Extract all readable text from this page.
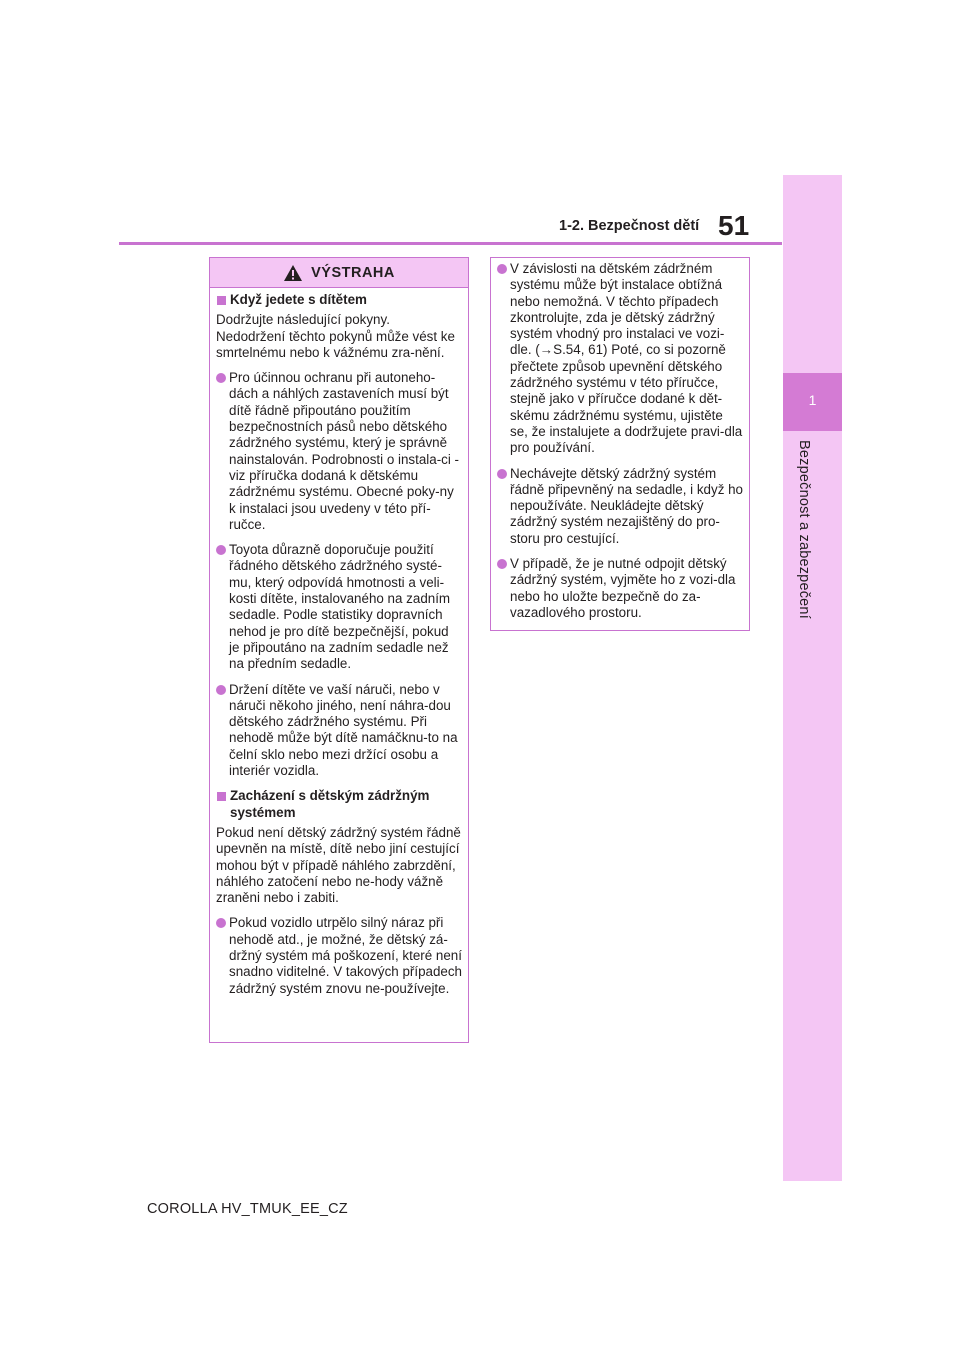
1
Bezpečnost a zabezpečení
1-2. Bezpečnost dětí 51
VÝSTRAHA
Když jedete s dítětem
Dodržujte následující pokyny. Nedodržení těchto pokynů může vést ke smrtelnému nebo k vážnému zra-nění.
Pro účinnou ochranu při autoneho-dách a náhlých zastaveních musí být dítě řádně připoutáno použitím bezpečnostních pásů nebo dětského zádržného systému, který je správně nainstalován. Podrobnosti o instala-ci - viz příručka dodaná k dětskému zádržnému systému. Obecné poky-ny k instalaci jsou uvedeny v této pří-ručce.
Toyota důrazně doporučuje použití řádného dětského zádržného systé-mu, který odpovídá hmotnosti a veli-kosti dítěte, instalovaného na zadním sedadle. Podle statistiky dopravních nehod je pro dítě bezpečnější, pokud je připoutáno na zadním sedadle než na předním sedadle.
Držení dítěte ve vaší náruči, nebo v náruči někoho jiného, není náhra-dou dětského zádržného systému. Při nehodě může být dítě namáčknu-to na čelní sklo nebo mezi držící osobu a interiér vozidla.
Zacházení s dětským zádržným systémem
Pokud není dětský zádržný systém řádně upevněn na místě, dítě nebo jiní cestující mohou být v případě náhlého zabrzdění, náhlého zatočení nebo ne-hody vážně zraněni nebo i zabiti.
Pokud vozidlo utrpělo silný náraz při nehodě atd., je možné, že dětský zá-držný systém má poškození, které není snadno viditelné. V takových případech zádržný systém znovu ne-používejte.
V závislosti na dětském zádržném systému může být instalace obtížná nebo nemožná. V těchto případech zkontrolujte, zda je dětský zádržný systém vhodný pro instalaci ve vozi-dle. (→S.54, 61) Poté, co si pozorně přečtete způsob upevnění dětského zádržného systému v této příručce, stejně jako v příručce dodané k dět-skému zádržnému systému, ujistěte se, že instalujete a dodržujete pravi-dla pro používání.
Nechávejte dětský zádržný systém řádně připevněný na sedadle, i když ho nepoužíváte. Neukládejte dětský zádržný systém nezajištěný do pro-storu pro cestující.
V případě, že je nutné odpojit dětský zádržný systém, vyjměte ho z vozi-dla nebo ho uložte bezpečně do za-vazadlového prostoru.
COROLLA HV_TMUK_EE_CZ
